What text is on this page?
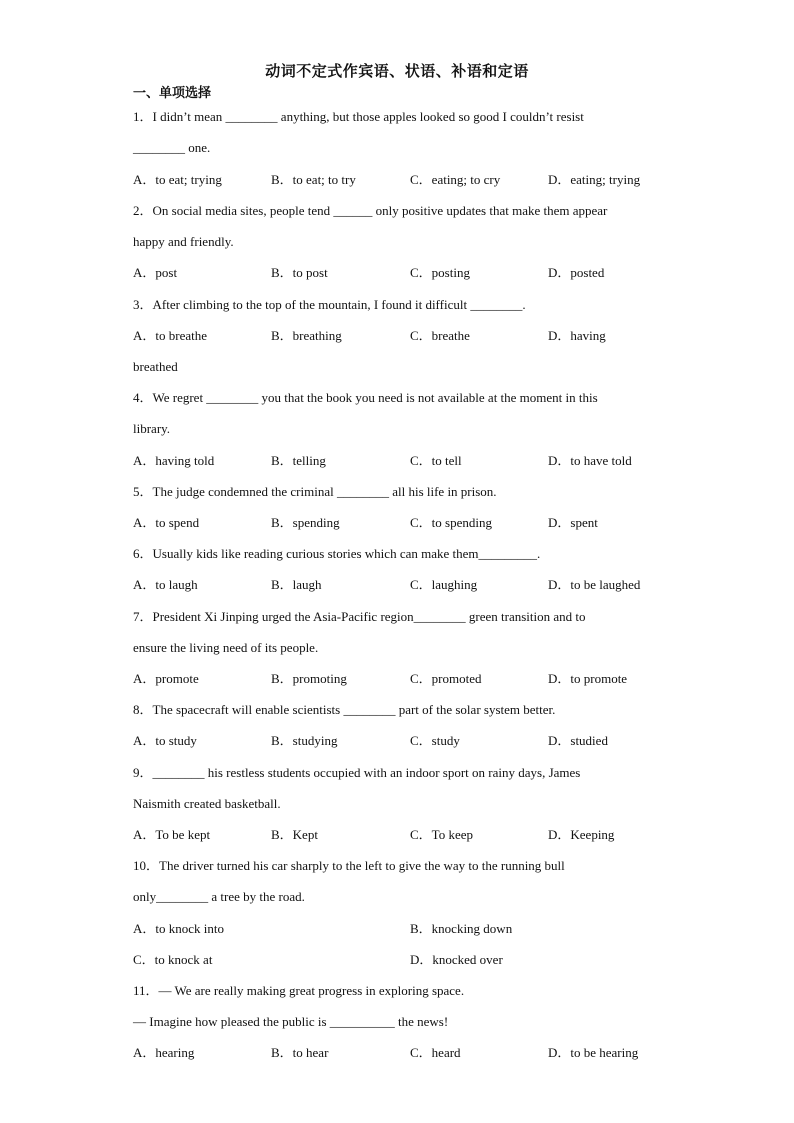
动词不定式作宾语、状语、补语和定语
一、单项选择
1．I didn’t mean ________ anything, but those apples looked so good I couldn’t resist
________ one.
A．to eat; trying	B．to eat; to try	C．eating; to cry	D．eating; trying
2．On social media sites, people tend ______ only positive updates that make them appear
happy and friendly.
A．post	B．to post	C．posting	D．posted
3．After climbing to the top of the mountain, I found it difficult ________.
A．to breathe	B．breathing	C．breathe	D．having
breathed
4．We regret ________ you that the book you need is not available at the moment in this
library.
A．having told	B．telling	C．to tell	D．to have told
5．The judge condemned the criminal ________ all his life in prison.
A．to spend	B．spending	C．to spending	D．spent
6．Usually kids like reading curious stories which can make them_________.
A．to laugh	B．laugh	C．laughing	D．to be laughed
7．President Xi Jinping urged the Asia-Pacific region________ green transition and to
ensure the living need of its people.
A．promote	B．promoting	C．promoted	D．to promote
8．The spacecraft will enable scientists ________ part of the solar system better.
A．to study	B．studying	C．study	D．studied
9．________ his restless students occupied with an indoor sport on rainy days, James
Naismith created basketball.
A．To be kept	B．Kept	C．To keep	D．Keeping
10．The driver turned his car sharply to the left to give the way to the running bull
only________ a tree by the road.
A．to knock into	B．knocking down
C．to knock at	D．knocked over
11．— We are really making great progress in exploring space.
— Imagine how pleased the public is __________ the news!
A．hearing	B．to hear	C．heard	D．to be hearing
